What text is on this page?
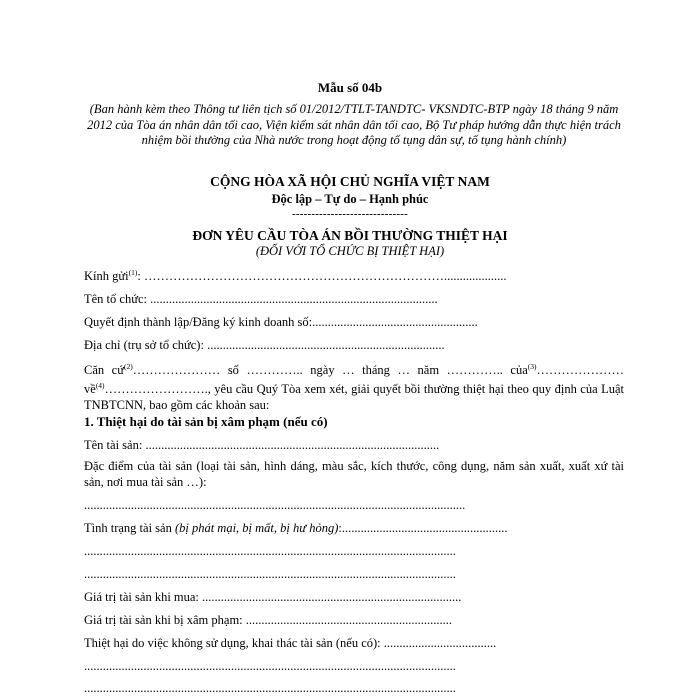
Mẫu số 04b
(Ban hành kèm theo Thông tư liên tịch số 01/2012/TTLT-TANDTC- VKSNDTC-BTP ngày 18 tháng 9 năm 2012 của Tòa án nhân dân tối cao, Viện kiểm sát nhân dân tối cao, Bộ Tư pháp hướng dẫn thực hiện trách nhiệm bồi thường của Nhà nước trong hoạt động tố tụng dân sự, tố tụng hành chính)
CỘNG HÒA XÃ HỘI CHỦ NGHĨA VIỆT NAM
Độc lập – Tự do – Hạnh phúc
------------------------------
ĐƠN YÊU CẦU TÒA ÁN BỒI THƯỜNG THIỆT HẠI
(ĐỐI VỚI TỔ CHỨC BỊ THIỆT HẠI)
Kính gửi$^{(1)}$: ………………………………………………………………....................
Tên tổ chức: ............................................................................................
Quyết định thành lập/Đăng ký kinh doanh số:.....................................................
Địa chỉ (trụ sở tổ chức): ............................................................................
Căn cứ$^{(2)}$………………… số ………….. ngày … tháng … năm ………….. của$^{(3)}$………………… về$^{(4)}$……………………., yêu cầu Quý Tòa xem xét, giải quyết bồi thường thiệt hại theo quy định của Luật TNBTCNN, bao gồm các khoản sau:
1. Thiệt hại do tài sản bị xâm phạm (nếu có)
Tên tài sản: ..............................................................................................
Đặc điểm của tài sản (loại tài sản, hình dáng, màu sắc, kích thước, công dụng, năm sản xuất, xuất xứ tài sản, nơi mua tài sản …):
..........................................................................................................................
Tình trạng tài sản (bị phát mại, bị mất, bị hư hỏng):.....................................................
.......................................................................................................................
.......................................................................................................................
Giá trị tài sản khi mua: ...................................................................................
Giá trị tài sản khi bị xâm phạm: ..................................................................
Thiệt hại do việc không sử dụng, khai thác tài sản (nếu có): ....................................
.......................................................................................................................
.......................................................................................................................
